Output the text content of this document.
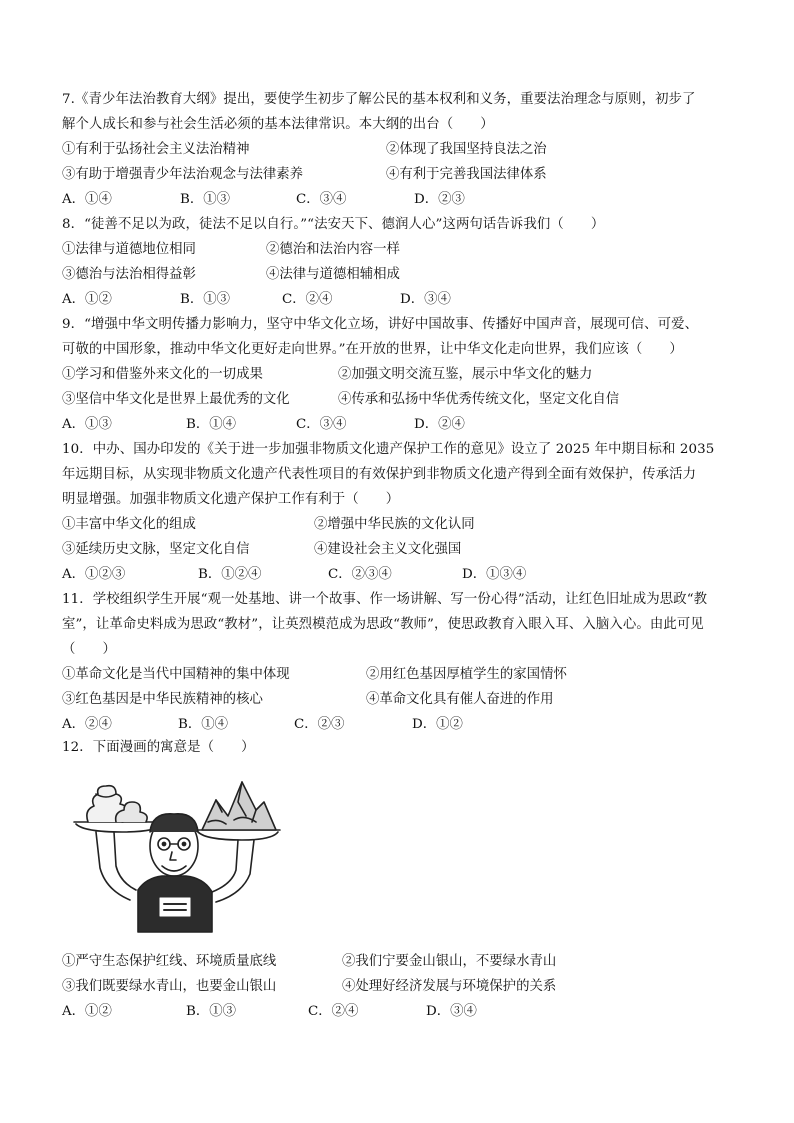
7.《青少年法治教育大纲》提出，要使学生初步了解公民的基本权利和义务，重要法治理念与原则，初步了
解个人成长和参与社会生活必须的基本法律常识。本大纲的出台（　　）
①有利于弘扬社会主义法治精神	②体现了我国坚持良法之治
③有助于增强青少年法治观念与法律素养	④有利于完善我国法律体系
A．①④	B．①③	C．③④	D．②③
8．“徒善不足以为政，徒法不足以自行。”“法安天下、德润人心”这两句话告诉我们（　　）
①法律与道德地位相同	②德治和法治内容一样
③德治与法治相得益彰	④法律与道德相辅相成
A．①②	B．①③	C．②④	D．③④
9．“增强中华文明传播力影响力，坚守中华文化立场，讲好中国故事、传播好中国声音，展现可信、可爱、
可敬的中国形象，推动中华文化更好走向世界。”在开放的世界，让中华文化走向世界，我们应该（　　）
①学习和借鉴外来文化的一切成果	②加强文明交流互鉴，展示中华文化的魅力
③坚信中华文化是世界上最优秀的文化	④传承和弘扬中华优秀传统文化，坚定文化自信
A．①③	B．①④	C．③④	D．②④
10．中办、国办印发的《关于进一步加强非物质文化遗产保护工作的意见》设立了 2025 年中期目标和 2035
年远期目标，从实现非物质文化遗产代表性项目的有效保护到非物质文化遗产得到全面有效保护，传承活力
明显增强。加强非物质文化遗产保护工作有利于（　　）
①丰富中华文化的组成	②增强中华民族的文化认同
③延续历史文脉，坚定文化自信	④建设社会主义文化强国
A．①②③	B．①②④	C．②③④	D．①③④
11．学校组织学生开展“观一处基地、讲一个故事、作一场讲解、写一份心得”活动，让红色旧址成为思政“教
室”，让革命史料成为思政“教材”，让英烈模范成为思政“教师”，使思政教育入眼入耳、入脑入心。由此可见
（　　）
①革命文化是当代中国精神的集中体现	②用红色基因厚植学生的家国情怀
③红色基因是中华民族精神的核心	④革命文化具有催人奋进的作用
A．②④	B．①④	C．②③	D．①②
12．下面漫画的寓意是（　　）
①严守生态保护红线、环境质量底线	②我们宁要金山银山，不要绿水青山
③我们既要绿水青山，也要金山银山	④处理好经济发展与环境保护的关系
A．①②	B．①③	C．②④	D．③④
